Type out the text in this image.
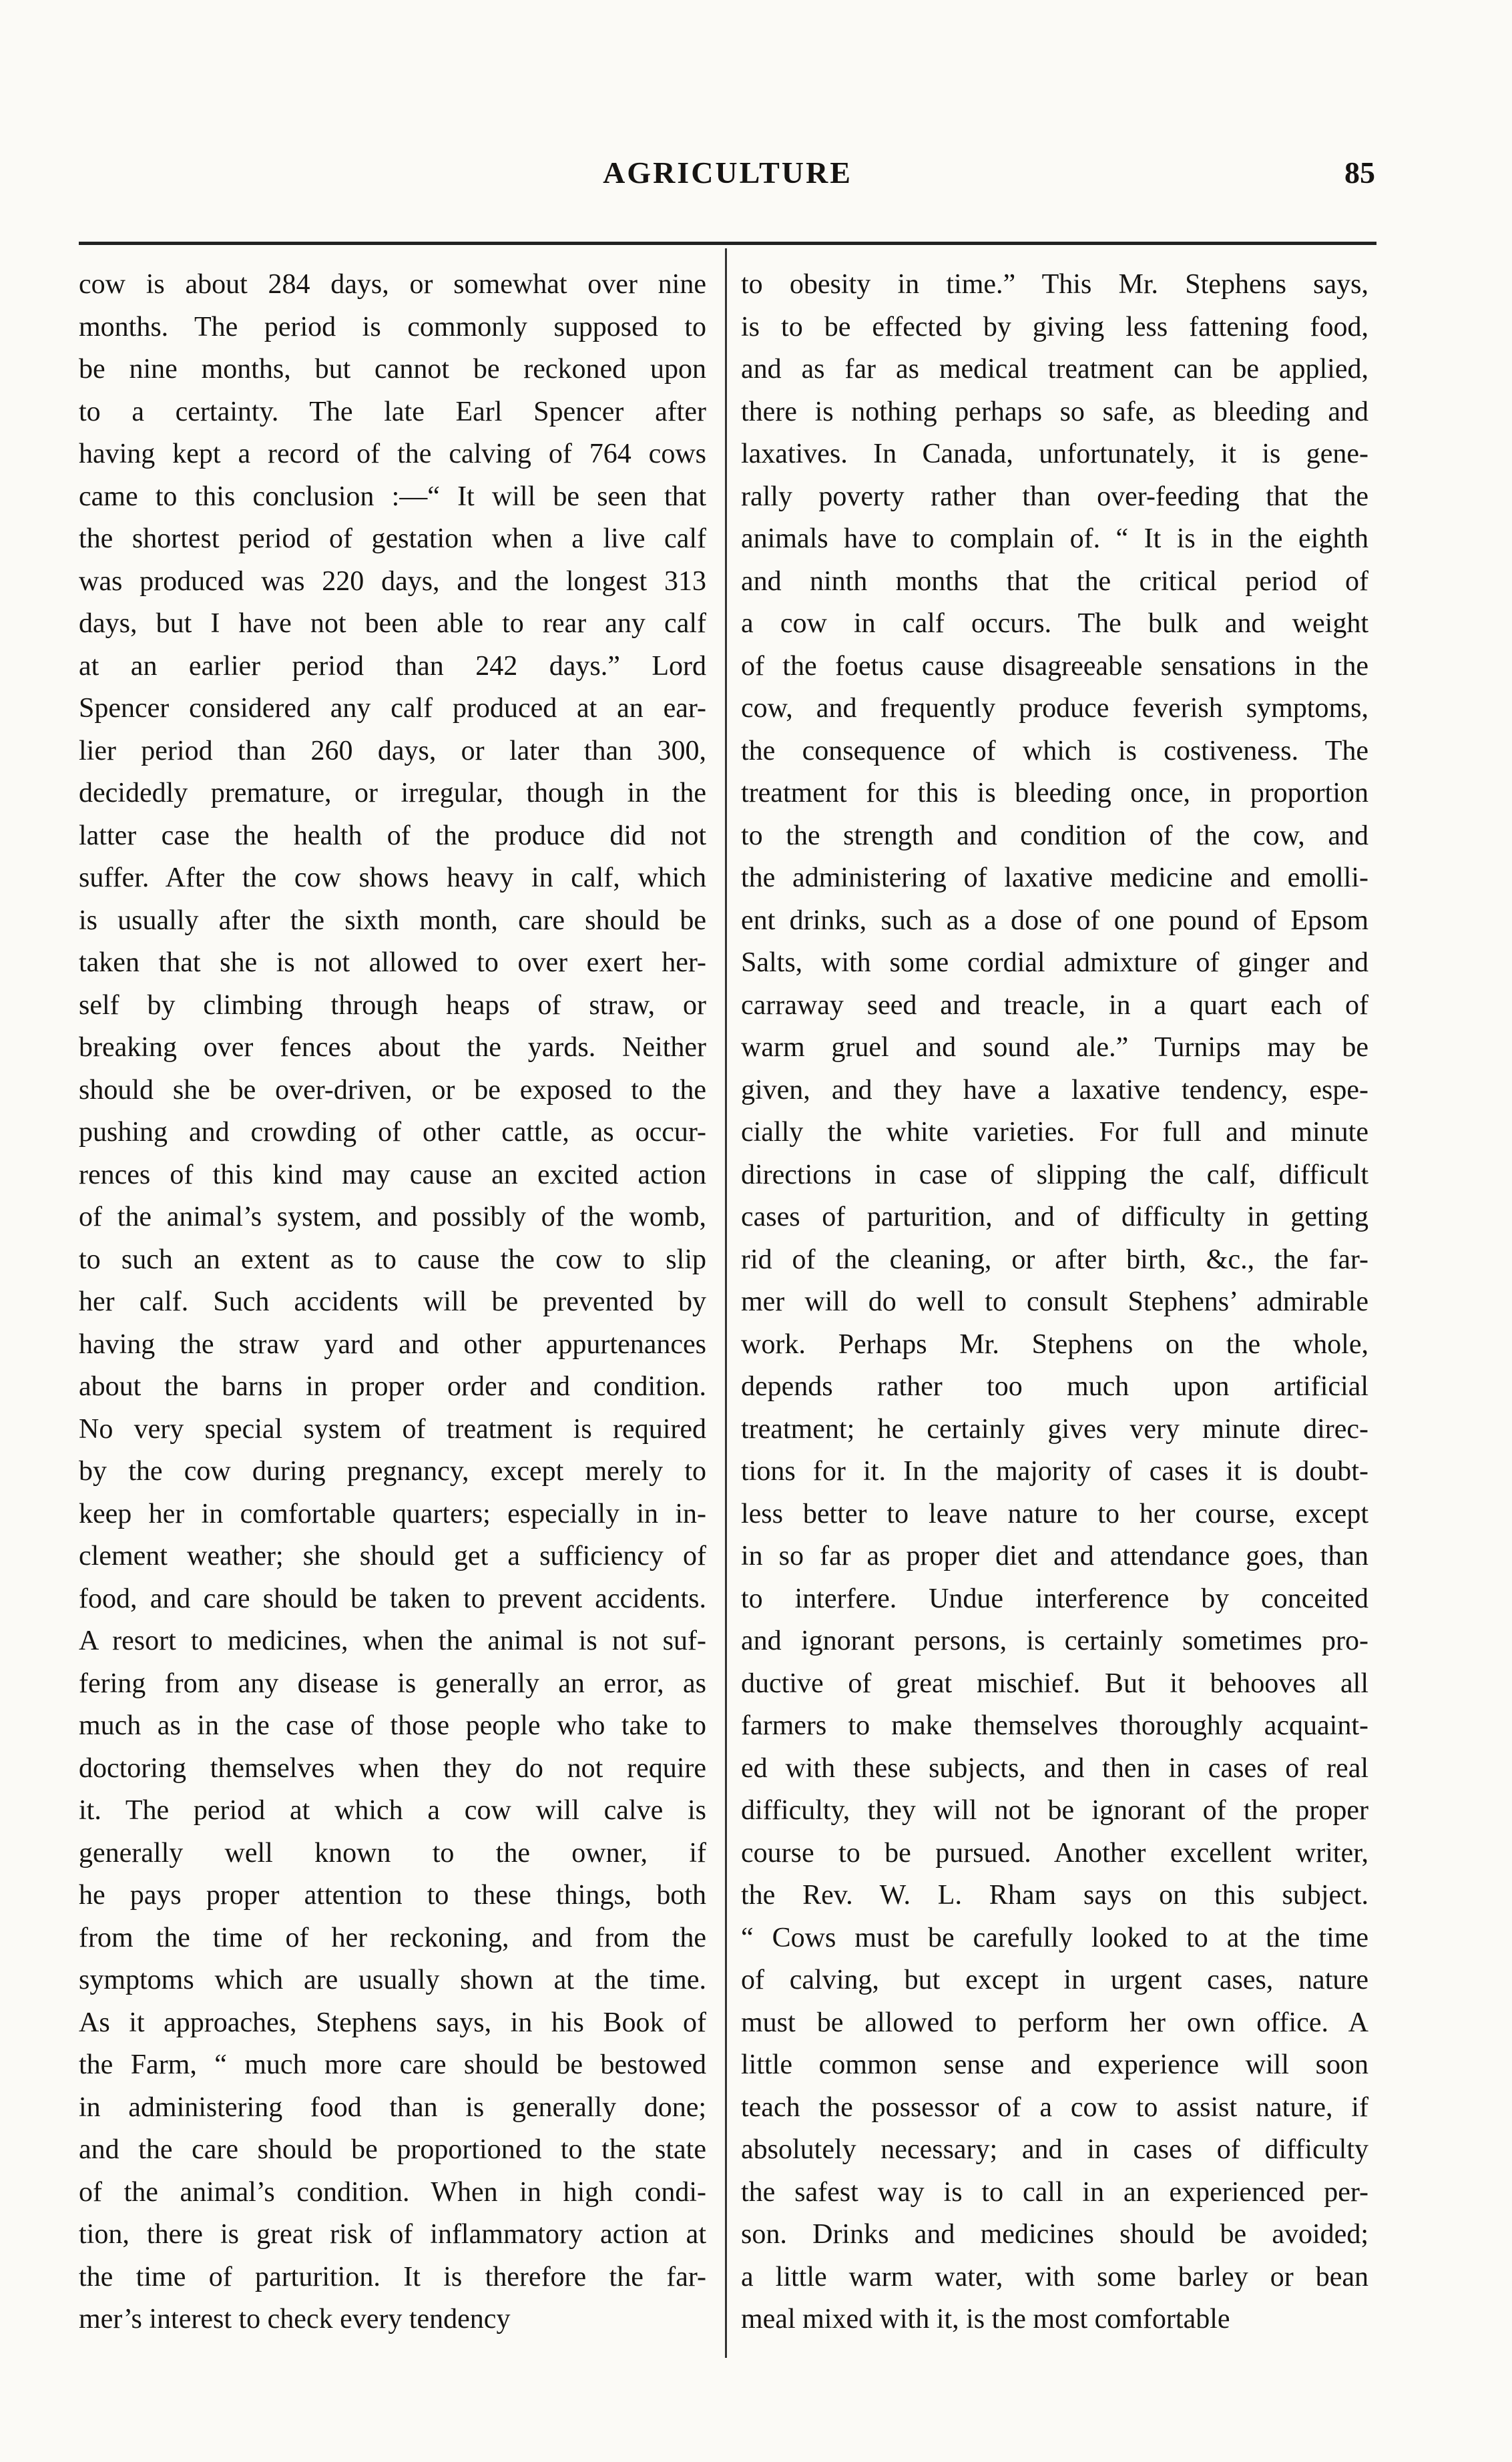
AGRICULTURE	85
cow is about 284 days, or somewhat over nine
months. The period is commonly supposed to
be nine months, but cannot be reckoned upon
to a certainty. The late Earl Spencer after
having kept a record of the calving of 764 cows
came to this conclusion :—“ It will be seen that
the shortest period of gestation when a live calf
was produced was 220 days, and the longest 313
days, but I have not been able to rear any calf
at an earlier period than 242 days.” Lord
Spencer considered any calf produced at an ear-
lier period than 260 days, or later than 300,
decidedly premature, or irregular, though in the
latter case the health of the produce did not
suffer. After the cow shows heavy in calf, which
is usually after the sixth month, care should be
taken that she is not allowed to over exert her-
self by climbing through heaps of straw, or
breaking over fences about the yards. Neither
should she be over-driven, or be exposed to the
pushing and crowding of other cattle, as occur-
rences of this kind may cause an excited action
of the animal’s system, and possibly of the womb,
to such an extent as to cause the cow to slip
her calf. Such accidents will be prevented by
having the straw yard and other appurtenances
about the barns in proper order and condition.
No very special system of treatment is required
by the cow during pregnancy, except merely to
keep her in comfortable quarters; especially in in-
clement weather; she should get a sufficiency of
food, and care should be taken to prevent accidents.
A resort to medicines, when the animal is not suf-
fering from any disease is generally an error, as
much as in the case of those people who take to
doctoring themselves when they do not require
it. The period at which a cow will calve is
generally well known to the owner, if
he pays proper attention to these things, both
from the time of her reckoning, and from the
symptoms which are usually shown at the time.
As it approaches, Stephens says, in his Book of
the Farm, “ much more care should be bestowed
in administering food than is generally done;
and the care should be proportioned to the state
of the animal’s condition. When in high condi-
tion, there is great risk of inflammatory action at
the time of parturition. It is therefore the far-
mer’s interest to check every tendency
to obesity in time.” This Mr. Stephens says,
is to be effected by giving less fattening food,
and as far as medical treatment can be applied,
there is nothing perhaps so safe, as bleeding and
laxatives. In Canada, unfortunately, it is gene-
rally poverty rather than over-feeding that the
animals have to complain of. “ It is in the eighth
and ninth months that the critical period of
a cow in calf occurs. The bulk and weight
of the foetus cause disagreeable sensations in the
cow, and frequently produce feverish symptoms,
the consequence of which is costiveness. The
treatment for this is bleeding once, in proportion
to the strength and condition of the cow, and
the administering of laxative medicine and emolli-
ent drinks, such as a dose of one pound of Epsom
Salts, with some cordial admixture of ginger and
carraway seed and treacle, in a quart each of
warm gruel and sound ale.” Turnips may be
given, and they have a laxative tendency, espe-
cially the white varieties. For full and minute
directions in case of slipping the calf, difficult
cases of parturition, and of difficulty in getting
rid of the cleaning, or after birth, &c., the far-
mer will do well to consult Stephens’ admirable
work. Perhaps Mr. Stephens on the whole,
depends rather too much upon artificial
treatment; he certainly gives very minute direc-
tions for it. In the majority of cases it is doubt-
less better to leave nature to her course, except
in so far as proper diet and attendance goes, than
to interfere. Undue interference by conceited
and ignorant persons, is certainly sometimes pro-
ductive of great mischief. But it behooves all
farmers to make themselves thoroughly acquaint-
ed with these subjects, and then in cases of real
difficulty, they will not be ignorant of the proper
course to be pursued. Another excellent writer,
the Rev. W. L. Rham says on this subject.
“ Cows must be carefully looked to at the time
of calving, but except in urgent cases, nature
must be allowed to perform her own office. A
little common sense and experience will soon
teach the possessor of a cow to assist nature, if
absolutely necessary; and in cases of difficulty
the safest way is to call in an experienced per-
son. Drinks and medicines should be avoided;
a little warm water, with some barley or bean
meal mixed with it, is the most comfortable
